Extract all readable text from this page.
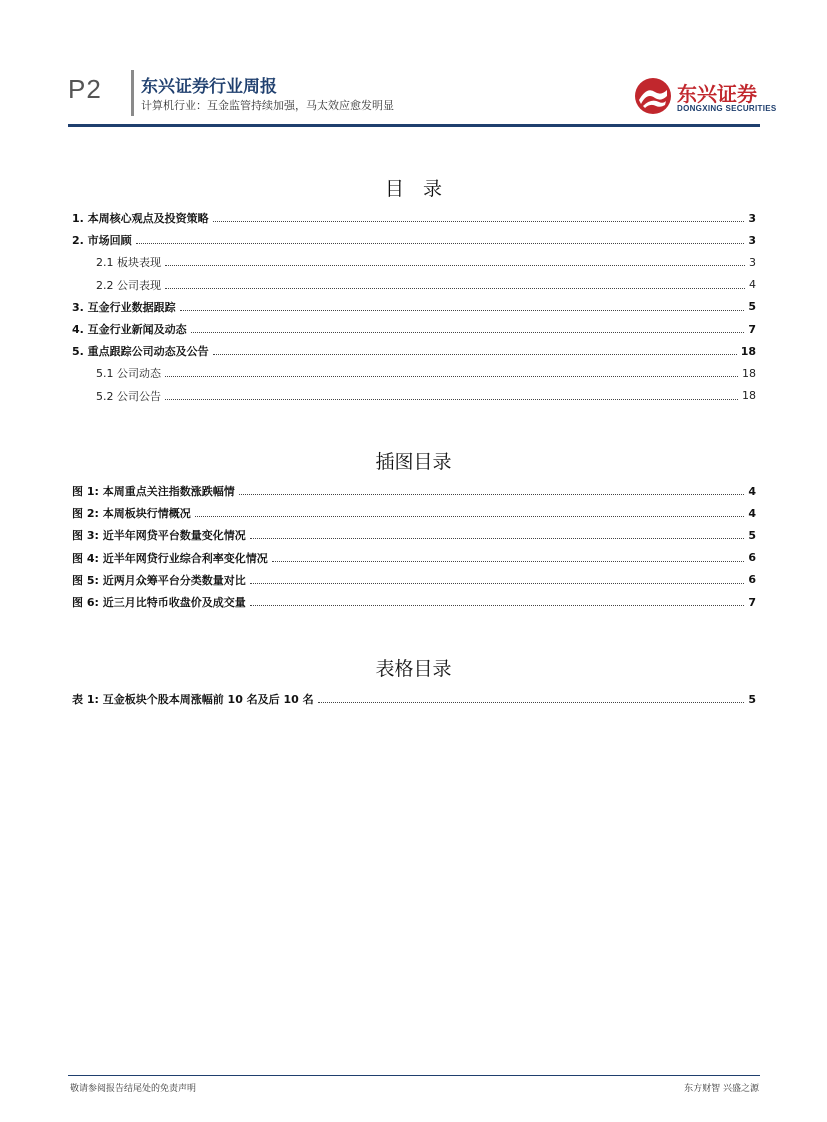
P2 东兴证券行业周报
计算机行业：互金监管持续加强，马太效应愈发明显	东兴证券
DONGXING SECURITIES
目　录
1. 本周核心观点及投资策略	3
2. 市场回顾	3
2.1 板块表现	3
2.2 公司表现	4
3. 互金行业数据跟踪	5
4. 互金行业新闻及动态	7
5. 重点跟踪公司动态及公告	18
5.1 公司动态	18
5.2 公司公告	18
插图目录
图 1: 本周重点关注指数涨跌幅情	4
图 2: 本周板块行情概况	4
图 3: 近半年网贷平台数量变化情况	5
图 4: 近半年网贷行业综合利率变化情况	6
图 5: 近两月众筹平台分类数量对比	6
图 6: 近三月比特币收盘价及成交量	7
表格目录
表 1: 互金板块个股本周涨幅前 10 名及后 10 名	5
敬请参阅报告结尾处的免责声明	东方财智 兴盛之源
